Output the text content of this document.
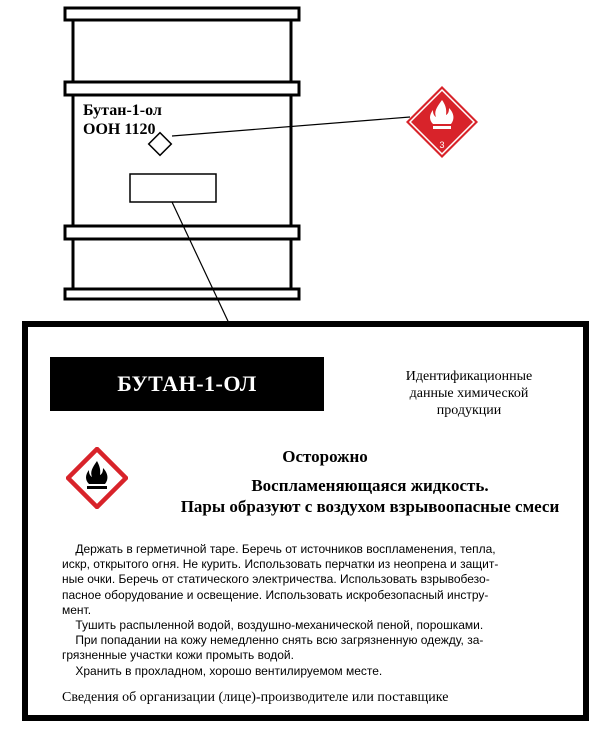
Бутан-1-ол
ООН 1120
3
БУТАН-1-ОЛ	Идентификационные
данные химической
продукции
Осторожно
Воспламеняющаяся жидкость.
Пары образуют с воздухом взрывоопасные смеси
Держать в герметичной таре. Беречь от источников воспламенения, тепла,
искр, открытого огня. Не курить. Использовать перчатки из неопрена и защит-
ные очки. Беречь от статического электричества. Использовать взрывобезо-
пасное оборудование и освещение. Использовать искробезопасный инстру-
мент.
Тушить распыленной водой, воздушно-механической пеной, порошками.
При попадании на кожу немедленно снять всю загрязненную одежду, за-
грязненные участки кожи промыть водой.
Хранить в прохладном, хорошо вентилируемом месте.
Сведения об организации (лице)-производителе или поставщике
